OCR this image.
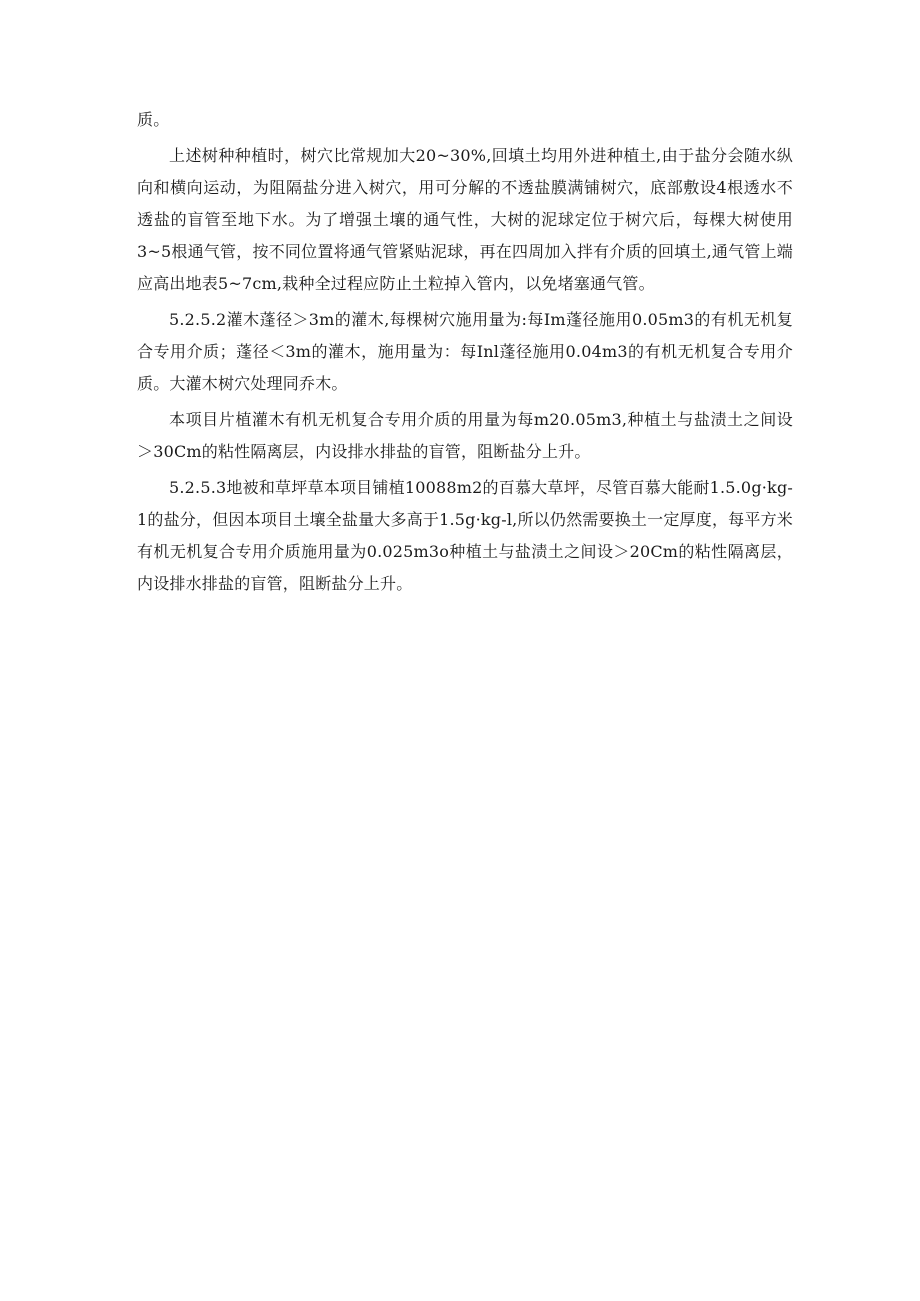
质。

上述树种种植时，树穴比常规加大20~30%,回填土均用外进种植土,由于盐分会随水纵向和横向运动，为阻隔盐分进入树穴，用可分解的不透盐膜满铺树穴，底部敷设4根透水不透盐的盲管至地下水。为了增强土壤的通气性，大树的泥球定位于树穴后，每棵大树使用3~5根通气管，按不同位置将通气管紧贴泥球，再在四周加入拌有介质的回填土,通气管上端应高出地表5~7cm,栽种全过程应防止土粒掉入管内，以免堵塞通气管。

5.2.5.2灌木蓬径＞3m的灌木,每棵树穴施用量为:每Im蓬径施用0.05m3的有机无机复合专用介质；蓬径＜3m的灌木，施用量为：每Inl蓬径施用0.04m3的有机无机复合专用介质。大灌木树穴处理同乔木。

本项目片植灌木有机无机复合专用介质的用量为每m20.05m3,种植土与盐渍土之间设＞30Cm的粘性隔离层，内设排水排盐的盲管，阻断盐分上升。

5.2.5.3地被和草坪草本项目铺植10088m2的百慕大草坪，尽管百慕大能耐1.5.0g·kg-1的盐分，但因本项目土壤全盐量大多高于1.5g·kg-l,所以仍然需要换土一定厚度，每平方米有机无机复合专用介质施用量为0.025m3o种植土与盐渍土之间设＞20Cm的粘性隔离层，内设排水排盐的盲管，阻断盐分上升。
